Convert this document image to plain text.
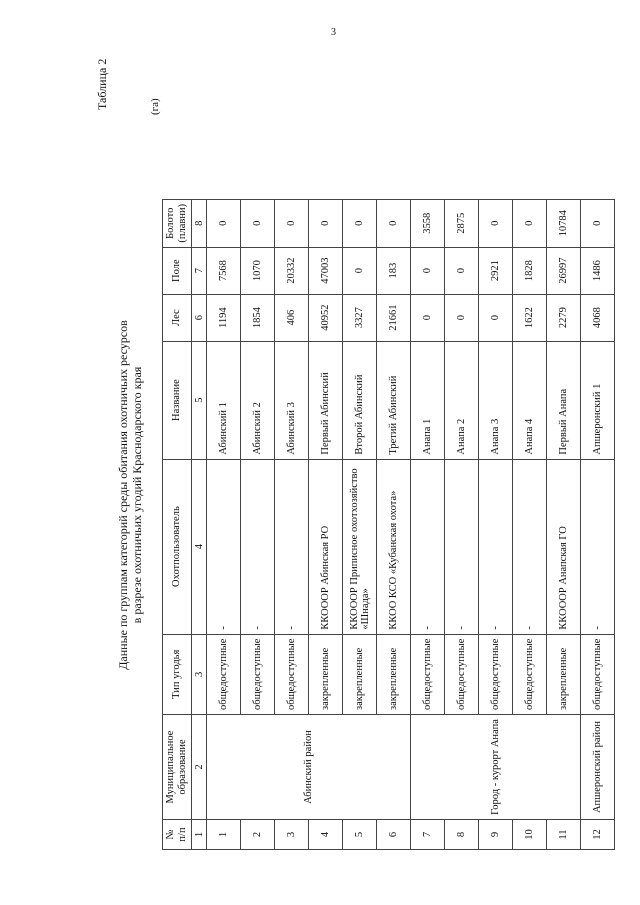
3
Таблица 2
Данные по группам категорий среды обитания охотничьих ресурсов в разрезе охотничьих угодий Краснодарского края
(га)
№ п/п	Муниципальное образование	Тип угодья	Охотпользователь	Название	Лес	Поле	Болото (плавни)
1	2	3	4	5	6	7	8
1	Абинский район	общедоступные	-	Абинский 1	1194	7568	0
2		общедоступные	-	Абинский 2	1854	1070	0
3		общедоступные	-	Абинский 3	406	20332	0
4		закрепленные	ККОООР Абинская РО	Первый Абинский	40952	47003	0
5		закрепленные	ККОООР Приписное охотхозяйство «Шнада»	Второй Абинский	3327	0	0
6		закрепленные	ККОО КСО «Кубанская охота»	Третий Абинский	21661	183	0
7	Город - курорт Анапа	общедоступные	-	Анапа 1	0	0	3558
8		общедоступные	-	Анапа 2	0	0	2875
9		общедоступные	-	Анапа 3	0	2921	0
10		общедоступные	-	Анапа 4	1622	1828	0
11		закрепленные	ККОООР Анапская ГО	Первый Анапа	2279	26997	10784
12	Апшеронский район	общедоступные	-	Апшеронский 1	4068	1486	0
